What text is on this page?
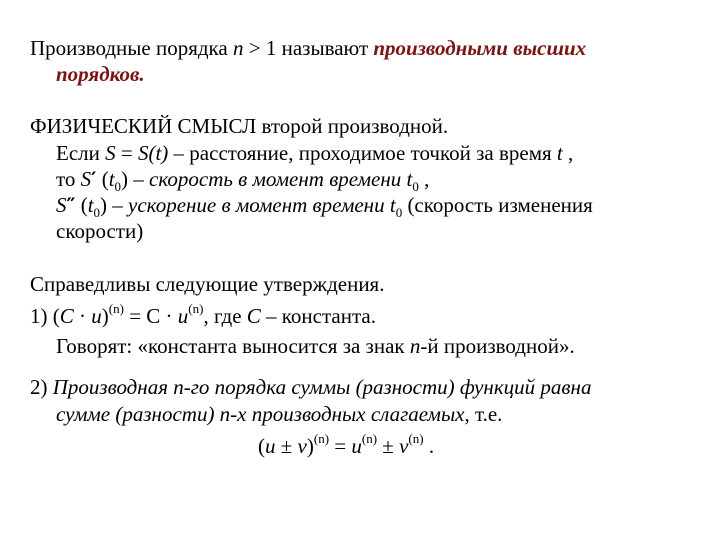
Производные порядка n > 1 называют производными высших
порядков.
ФИЗИЧЕСКИЙ СМЫСЛ второй производной.
Если S = S(t) – расстояние, проходимое точкой за время t ,
то S′ $(t_0)$ – скорость в момент времени $t_0$ ,
S″ $(t_0)$ – ускорение в момент времени $t_0$ (скорость изменения
скорости)
Справедливы следующие утверждения.
1) $(C \cdot u)^{(n)} = C \cdot u^{(n)}$, где C – константа.
Говорят: «константа выносится за знак n-й производной».
2) Производная n-го порядка суммы (разности) функций равна
сумме (разности) n-х производных слагаемых, т.е.
$(u \pm v)^{(n)} = u^{(n)} \pm v^{(n)}$ .
